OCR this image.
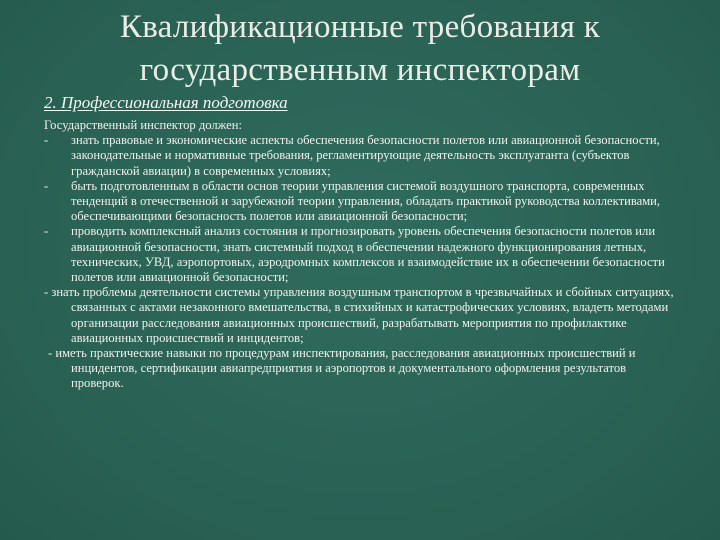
Квалификационные требования к
государственным инспекторам
2. Профессиональная подготовка

Государственный инспектор должен:

-	знать правовые и экономические аспекты обеспечения безопасности полетов или авиационной безопасности, законодательные и нормативные требования, регламентирующие деятельность эксплуатанта (субъектов гражданской авиации) в современных условиях;
-	быть подготовленным в области основ теории управления системой воздушного транспорта, современных тенденций в отечественной и зарубежной теории управления, обладать практикой руководства коллективами, обеспечивающими безопасность полетов или авиационной безопасности;
-	проводить комплексный анализ состояния и прогнозировать уровень обеспечения безопасности полетов или авиационной безопасности, знать системный подход в обеспечении надежного функционирования летных, технических, УВД, аэропортовых, аэродромных комплексов и взаимодействие их в обеспечении безопасности полетов или авиационной безопасности;

- знать проблемы деятельности системы управления воздушным транспортом в чрезвычайных и сбойных ситуациях, связанных с актами незаконного вмешательства, в стихийных и катастрофических условиях, владеть методами организации расследования авиационных происшествий, разрабатывать мероприятия по профилактике авиационных происшествий и инцидентов;

- иметь практические навыки по процедурам инспектирования, расследования авиационных происшествий и инцидентов, сертификации авиапредприятия и аэропортов и документального оформления результатов проверок.
